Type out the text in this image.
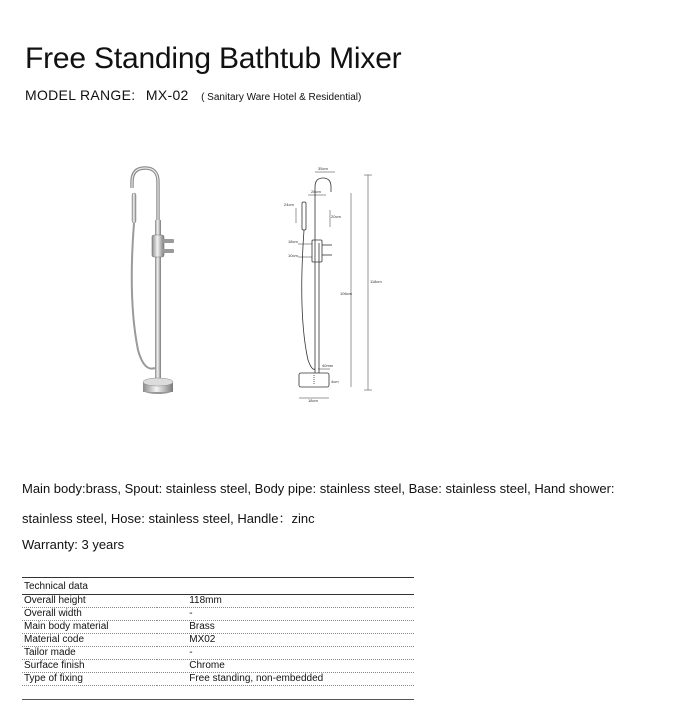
Free Standing Bathtub Mixer
MODEL RANGE: MX-02 ( Sanitary Ware Hotel & Residential)
35cm
118cm
106cm
24cm
28cm
20cm
18cm
10cm
40mm
4cm
18cm
Main body:brass, Spout: stainless steel, Body pipe: stainless steel, Base: stainless steel, Hand shower:
stainless steel, Hose: stainless steel, Handle：zinc
Warranty: 3 years
Technical data	
Overall height	118mm
Overall width	-
Main body material	Brass
Material code	MX02
Tailor made	-
Surface finish	Chrome
Type of fixing	Free standing, non-embedded
